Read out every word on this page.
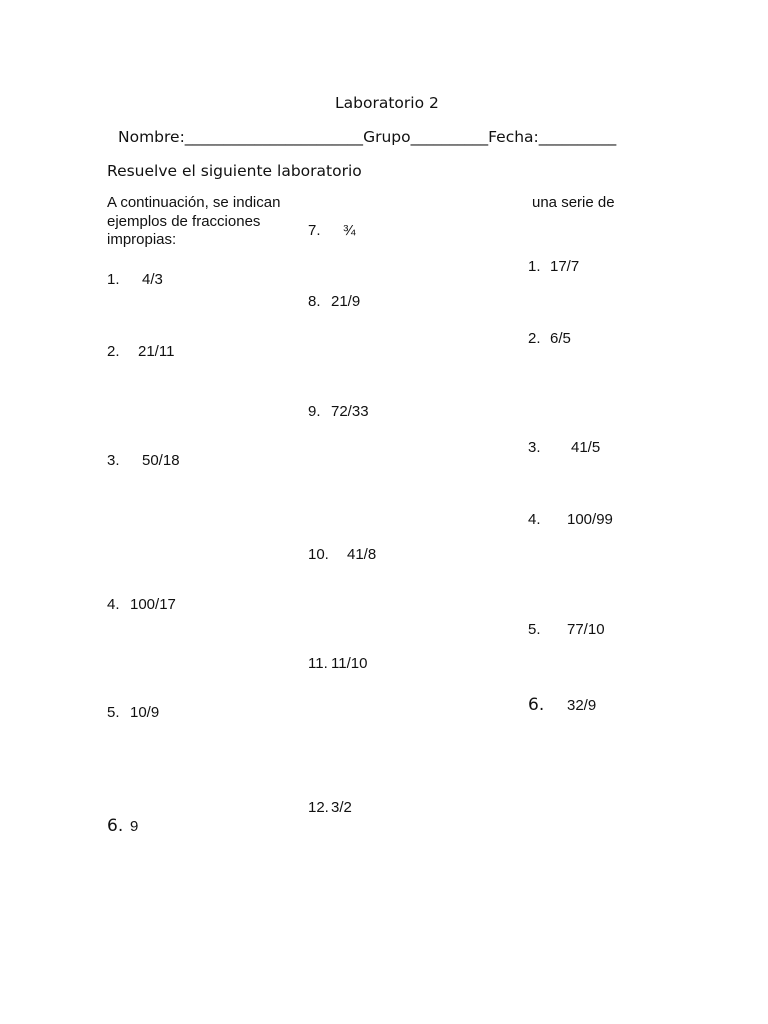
Laboratorio 2
Nombre:_______________________Grupo__________Fecha:__________
Resuelve el siguiente laboratorio
A continuación, se indican
ejemplos de fracciones
impropias:
una serie de
1. 4/3
2. 21/11
3. 50/18
4. 100/17
5. 10/9
6. 9
7. ¾
8. 21/9
9. 72/33
10. 41/8
11. 11/10
12. 3/2
1. 17/7
2. 6/5
3. 41/5
4. 100/99
5. 77/10
6. 32/9
